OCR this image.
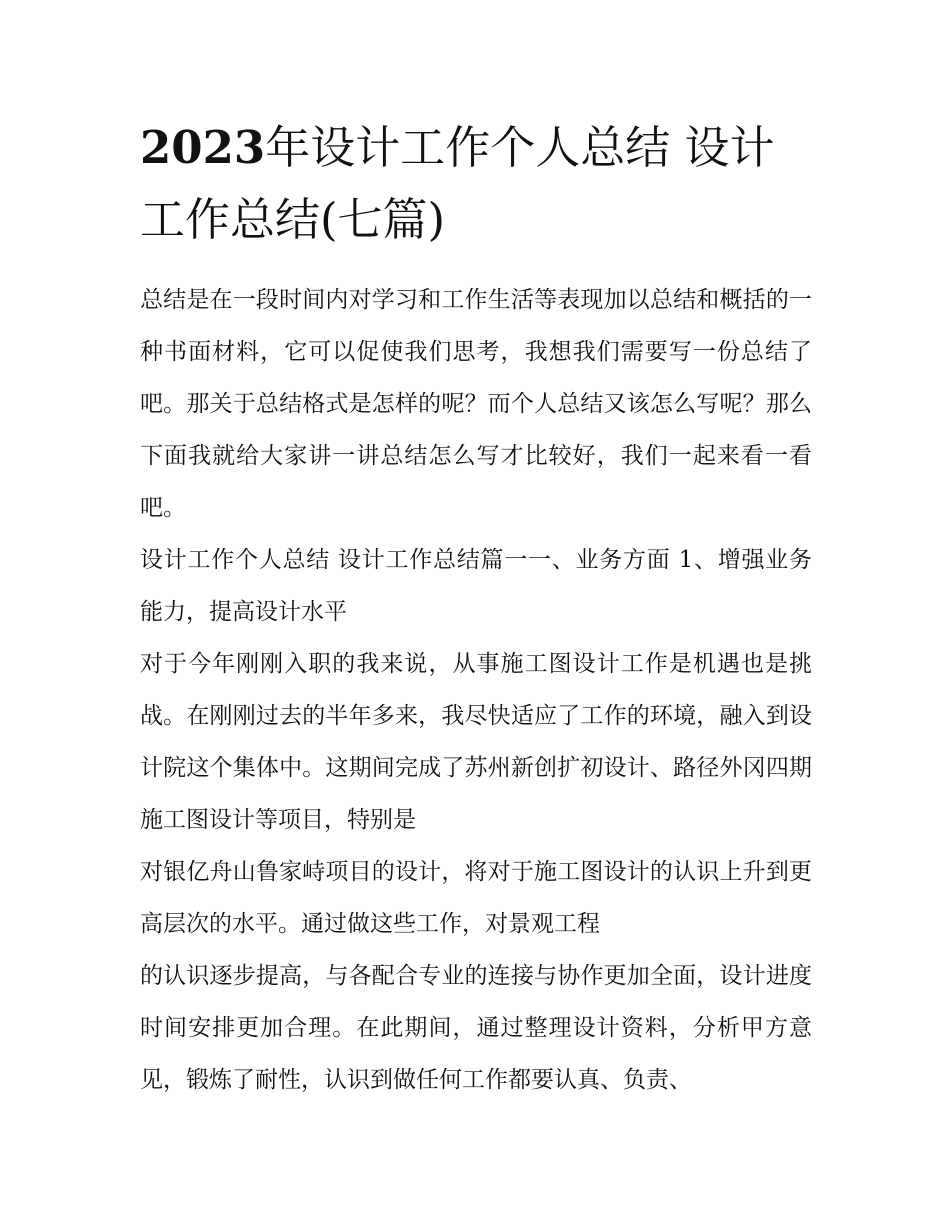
2023年设计工作个人总结 设计工作总结(七篇)

总结是在一段时间内对学习和工作生活等表现加以总结和概括的一种书面材料，它可以促使我们思考，我想我们需要写一份总结了吧。那关于总结格式是怎样的呢？而个人总结又该怎么写呢？那么下面我就给大家讲一讲总结怎么写才比较好，我们一起来看一看吧。

设计工作个人总结 设计工作总结篇一一、业务方面 1、增强业务能力，提高设计水平

对于今年刚刚入职的我来说，从事施工图设计工作是机遇也是挑战。在刚刚过去的半年多来，我尽快适应了工作的环境，融入到设计院这个集体中。这期间完成了苏州新创扩初设计、路径外冈四期施工图设计等项目，特别是

对银亿舟山鲁家峙项目的设计，将对于施工图设计的认识上升到更高层次的水平。通过做这些工作，对景观工程

的认识逐步提高，与各配合专业的连接与协作更加全面，设计进度时间安排更加合理。在此期间，通过整理设计资料，分析甲方意见，锻炼了耐性，认识到做任何工作都要认真、负责、
